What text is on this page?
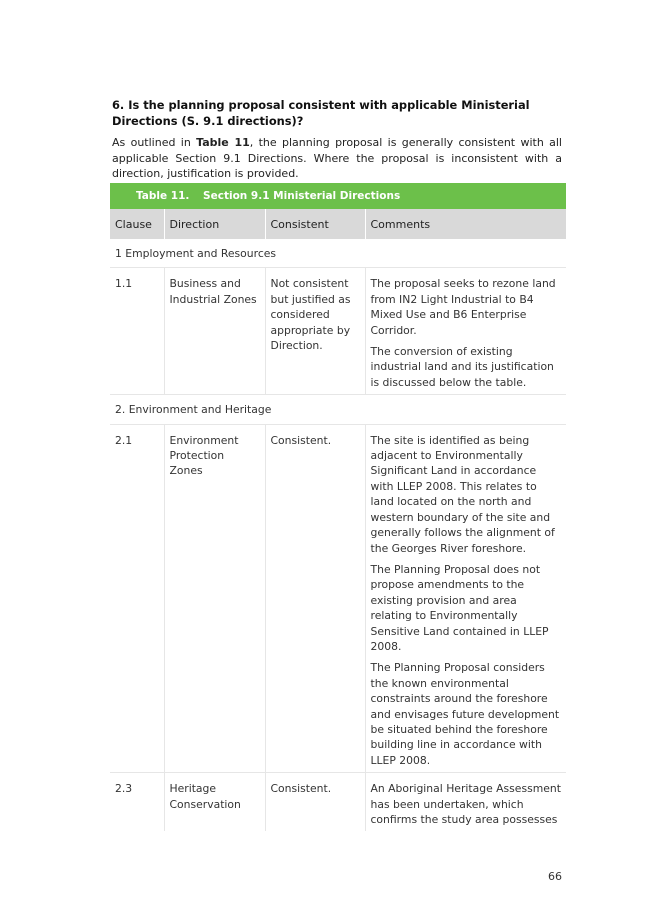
6. Is the planning proposal consistent with applicable Ministerial Directions (S. 9.1 directions)?
As outlined in Table 11, the planning proposal is generally consistent with all applicable Section 9.1 Directions. Where the proposal is inconsistent with a direction, justification is provided.
Table 11. Section 9.1 Ministerial Directions
Clause	Direction	Consistent	Comments
1 Employment and Resources			
1.1	Business and Industrial Zones	Not consistent but justified as considered appropriate by Direction.	The proposal seeks to rezone land from IN2 Light Industrial to B4 Mixed Use and B6 Enterprise Corridor.

The conversion of existing industrial land and its justification is discussed below the table.

2. Environment and Heritage			
2.1	Environment Protection Zones	Consistent.	The site is identified as being adjacent to Environmentally Significant Land in accordance with LLEP 2008. This relates to land located on the north and western boundary of the site and generally follows the alignment of the Georges River foreshore.

The Planning Proposal does not propose amendments to the existing provision and area relating to Environmentally Sensitive Land contained in LLEP 2008.

The Planning Proposal considers the known environmental constraints around the foreshore and envisages future development be situated behind the foreshore building line in accordance with LLEP 2008.

2.3	Heritage Conservation	Consistent.	An Aboriginal Heritage Assessment has been undertaken, which confirms the study area possesses

66
